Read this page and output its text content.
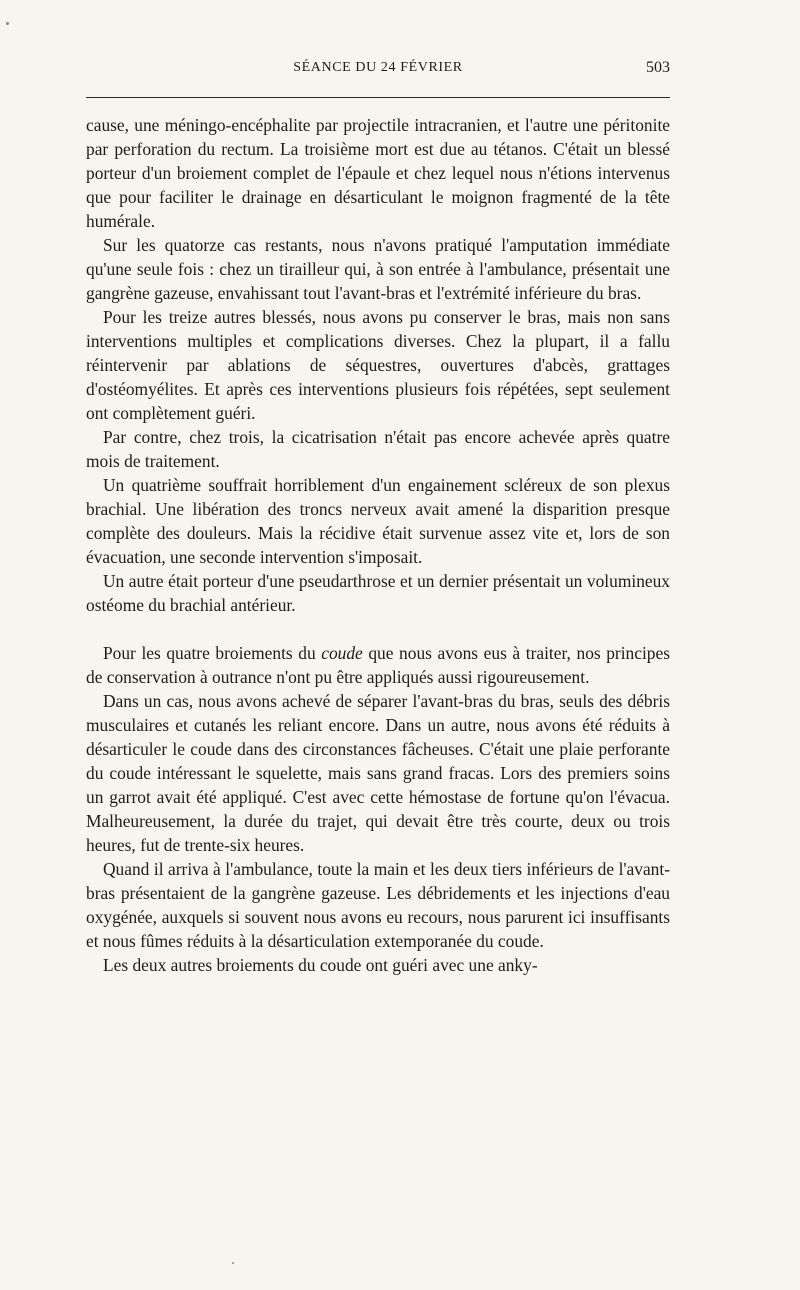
SÉANCE DU 24 FÉVRIER	503

cause, une méningo-encéphalite par projectile intracranien, et l'autre une péritonite par perforation du rectum. La troisième mort est due au tétanos. C'était un blessé porteur d'un broiement complet de l'épaule et chez lequel nous n'étions intervenus que pour faciliter le drainage en désarticulant le moignon fragmenté de la tête humérale.

Sur les quatorze cas restants, nous n'avons pratiqué l'amputation immédiate qu'une seule fois : chez un tirailleur qui, à son entrée à l'ambulance, présentait une gangrène gazeuse, envahissant tout l'avant-bras et l'extrémité inférieure du bras.

Pour les treize autres blessés, nous avons pu conserver le bras, mais non sans interventions multiples et complications diverses. Chez la plupart, il a fallu réintervenir par ablations de séquestres, ouvertures d'abcès, grattages d'ostéomyélites. Et après ces interventions plusieurs fois répétées, sept seulement ont complètement guéri.

Par contre, chez trois, la cicatrisation n'était pas encore achevée après quatre mois de traitement.

Un quatrième souffrait horriblement d'un engainement scléreux de son plexus brachial. Une libération des troncs nerveux avait amené la disparition presque complète des douleurs. Mais la récidive était survenue assez vite et, lors de son évacuation, une seconde intervention s'imposait.

Un autre était porteur d'une pseudarthrose et un dernier présentait un volumineux ostéome du brachial antérieur.

Pour les quatre broiements du coude que nous avons eus à traiter, nos principes de conservation à outrance n'ont pu être appliqués aussi rigoureusement.

Dans un cas, nous avons achevé de séparer l'avant-bras du bras, seuls des débris musculaires et cutanés les reliant encore. Dans un autre, nous avons été réduits à désarticuler le coude dans des circonstances fâcheuses. C'était une plaie perforante du coude intéressant le squelette, mais sans grand fracas. Lors des premiers soins un garrot avait été appliqué. C'est avec cette hémostase de fortune qu'on l'évacua. Malheureusement, la durée du trajet, qui devait être très courte, deux ou trois heures, fut de trente-six heures.

Quand il arriva à l'ambulance, toute la main et les deux tiers inférieurs de l'avant-bras présentaient de la gangrène gazeuse. Les débridements et les injections d'eau oxygénée, auxquels si souvent nous avons eu recours, nous parurent ici insuffisants et nous fûmes réduits à la désarticulation extemporanée du coude.

Les deux autres broiements du coude ont guéri avec une anky-
